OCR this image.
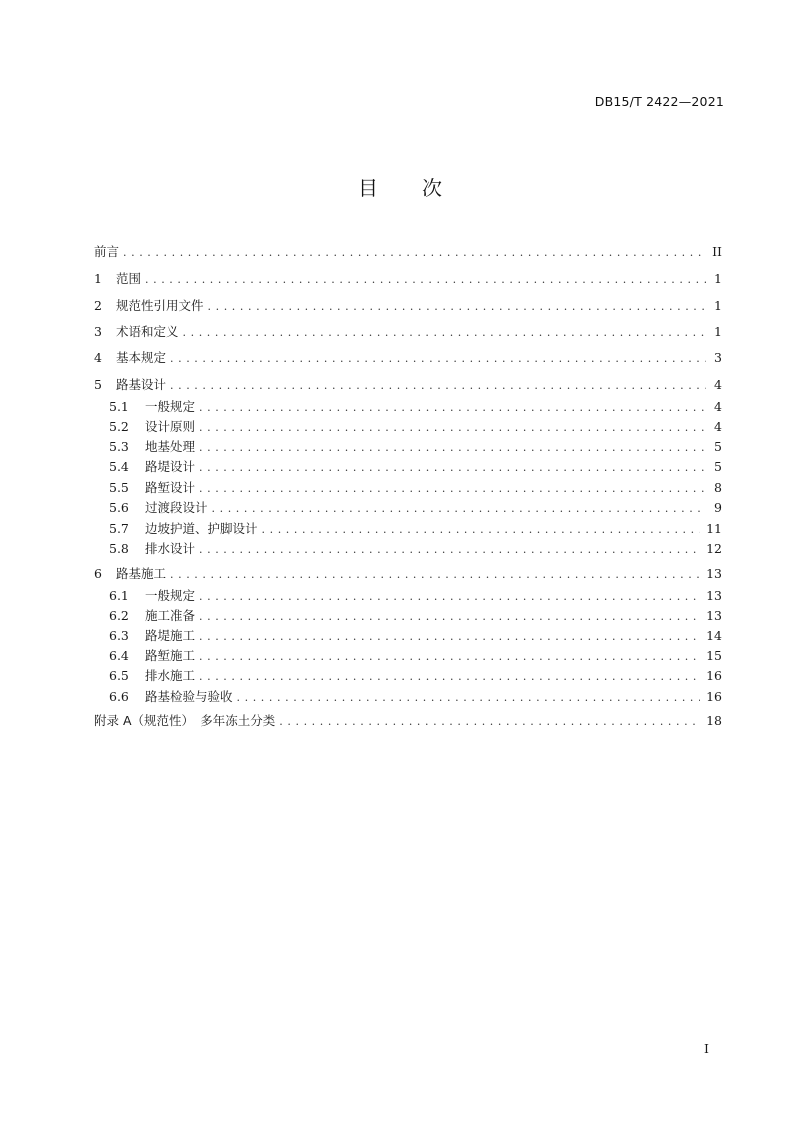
DB15/T 2422—2021
目 次
前言 .....	II
1	范围 .....	1
2	规范性引用文件 .....	1
3	术语和定义 .....	1
4	基本规定 .....	3
5	路基设计 .....	4
5.1	一般规定 .....	4
5.2	设计原则 .....	4
5.3	地基处理 .....	5
5.4	路堤设计 .....	5
5.5	路堑设计 .....	8
5.6	过渡段设计 .....	9
5.7	边坡护道、护脚设计 .....	11
5.8	排水设计 .....	12
6	路基施工 .....	13
6.1	一般规定 .....	13
6.2	施工准备 .....	13
6.3	路堤施工 .....	14
6.4	路堑施工 .....	15
6.5	排水施工 .....	16
6.6	路基检验与验收 .....	16
附录 A（规范性）　多年冻土分类 .....	18
I
